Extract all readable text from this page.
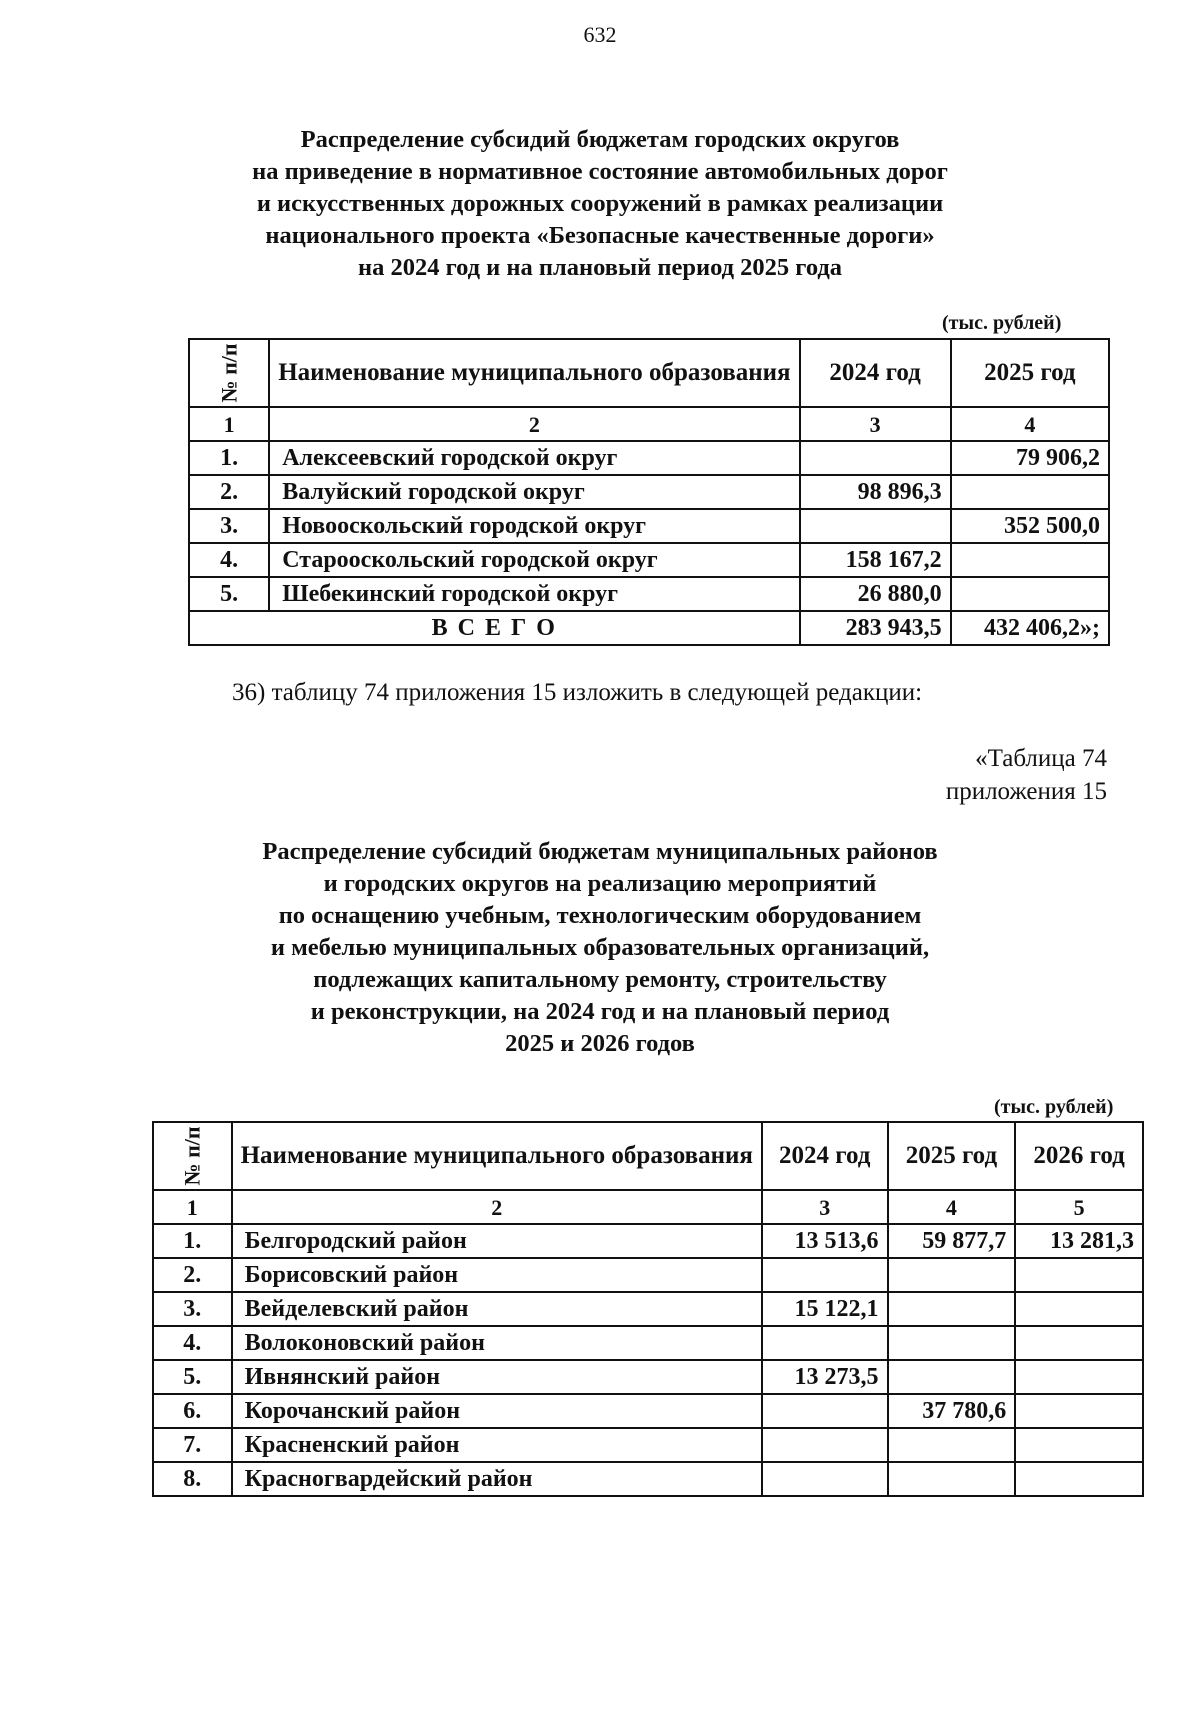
632
Распределение субсидий бюджетам городских округов
на приведение в нормативное состояние автомобильных дорог
и искусственных дорожных сооружений в рамках реализации
национального проекта «Безопасные качественные дороги»
на 2024 год и на плановый период 2025 года
(тыс. рублей)
№ п/п	Наименование муниципального образования	2024 год	2025 год
1	2	3	4
1.	Алексеевский городской округ		79 906,2
2.	Валуйский городской округ	98 896,3	
3.	Новооскольский городской округ		352 500,0
4.	Старооскольский городской округ	158 167,2	
5.	Шебекинский городской округ	26 880,0	
В С Е Г О		283 943,5	432 406,2»;
36) таблицу 74 приложения 15 изложить в следующей редакции:
«Таблица 74
приложения 15
Распределение субсидий бюджетам муниципальных районов
и городских округов на реализацию мероприятий
по оснащению учебным, технологическим оборудованием
и мебелью муниципальных образовательных организаций,
подлежащих капитальному ремонту, строительству
и реконструкции, на 2024 год и на плановый период
2025 и 2026 годов
(тыс. рублей)
№ п/п	Наименование муниципального образования	2024 год	2025 год	2026 год
1	2	3	4	5
1.	Белгородский район	13 513,6	59 877,7	13 281,3
2.	Борисовский район			
3.	Вейделевский район	15 122,1		
4.	Волоконовский район			
5.	Ивнянский район	13 273,5		
6.	Корочанский район		37 780,6	
7.	Красненский район			
8.	Красногвардейский район			
